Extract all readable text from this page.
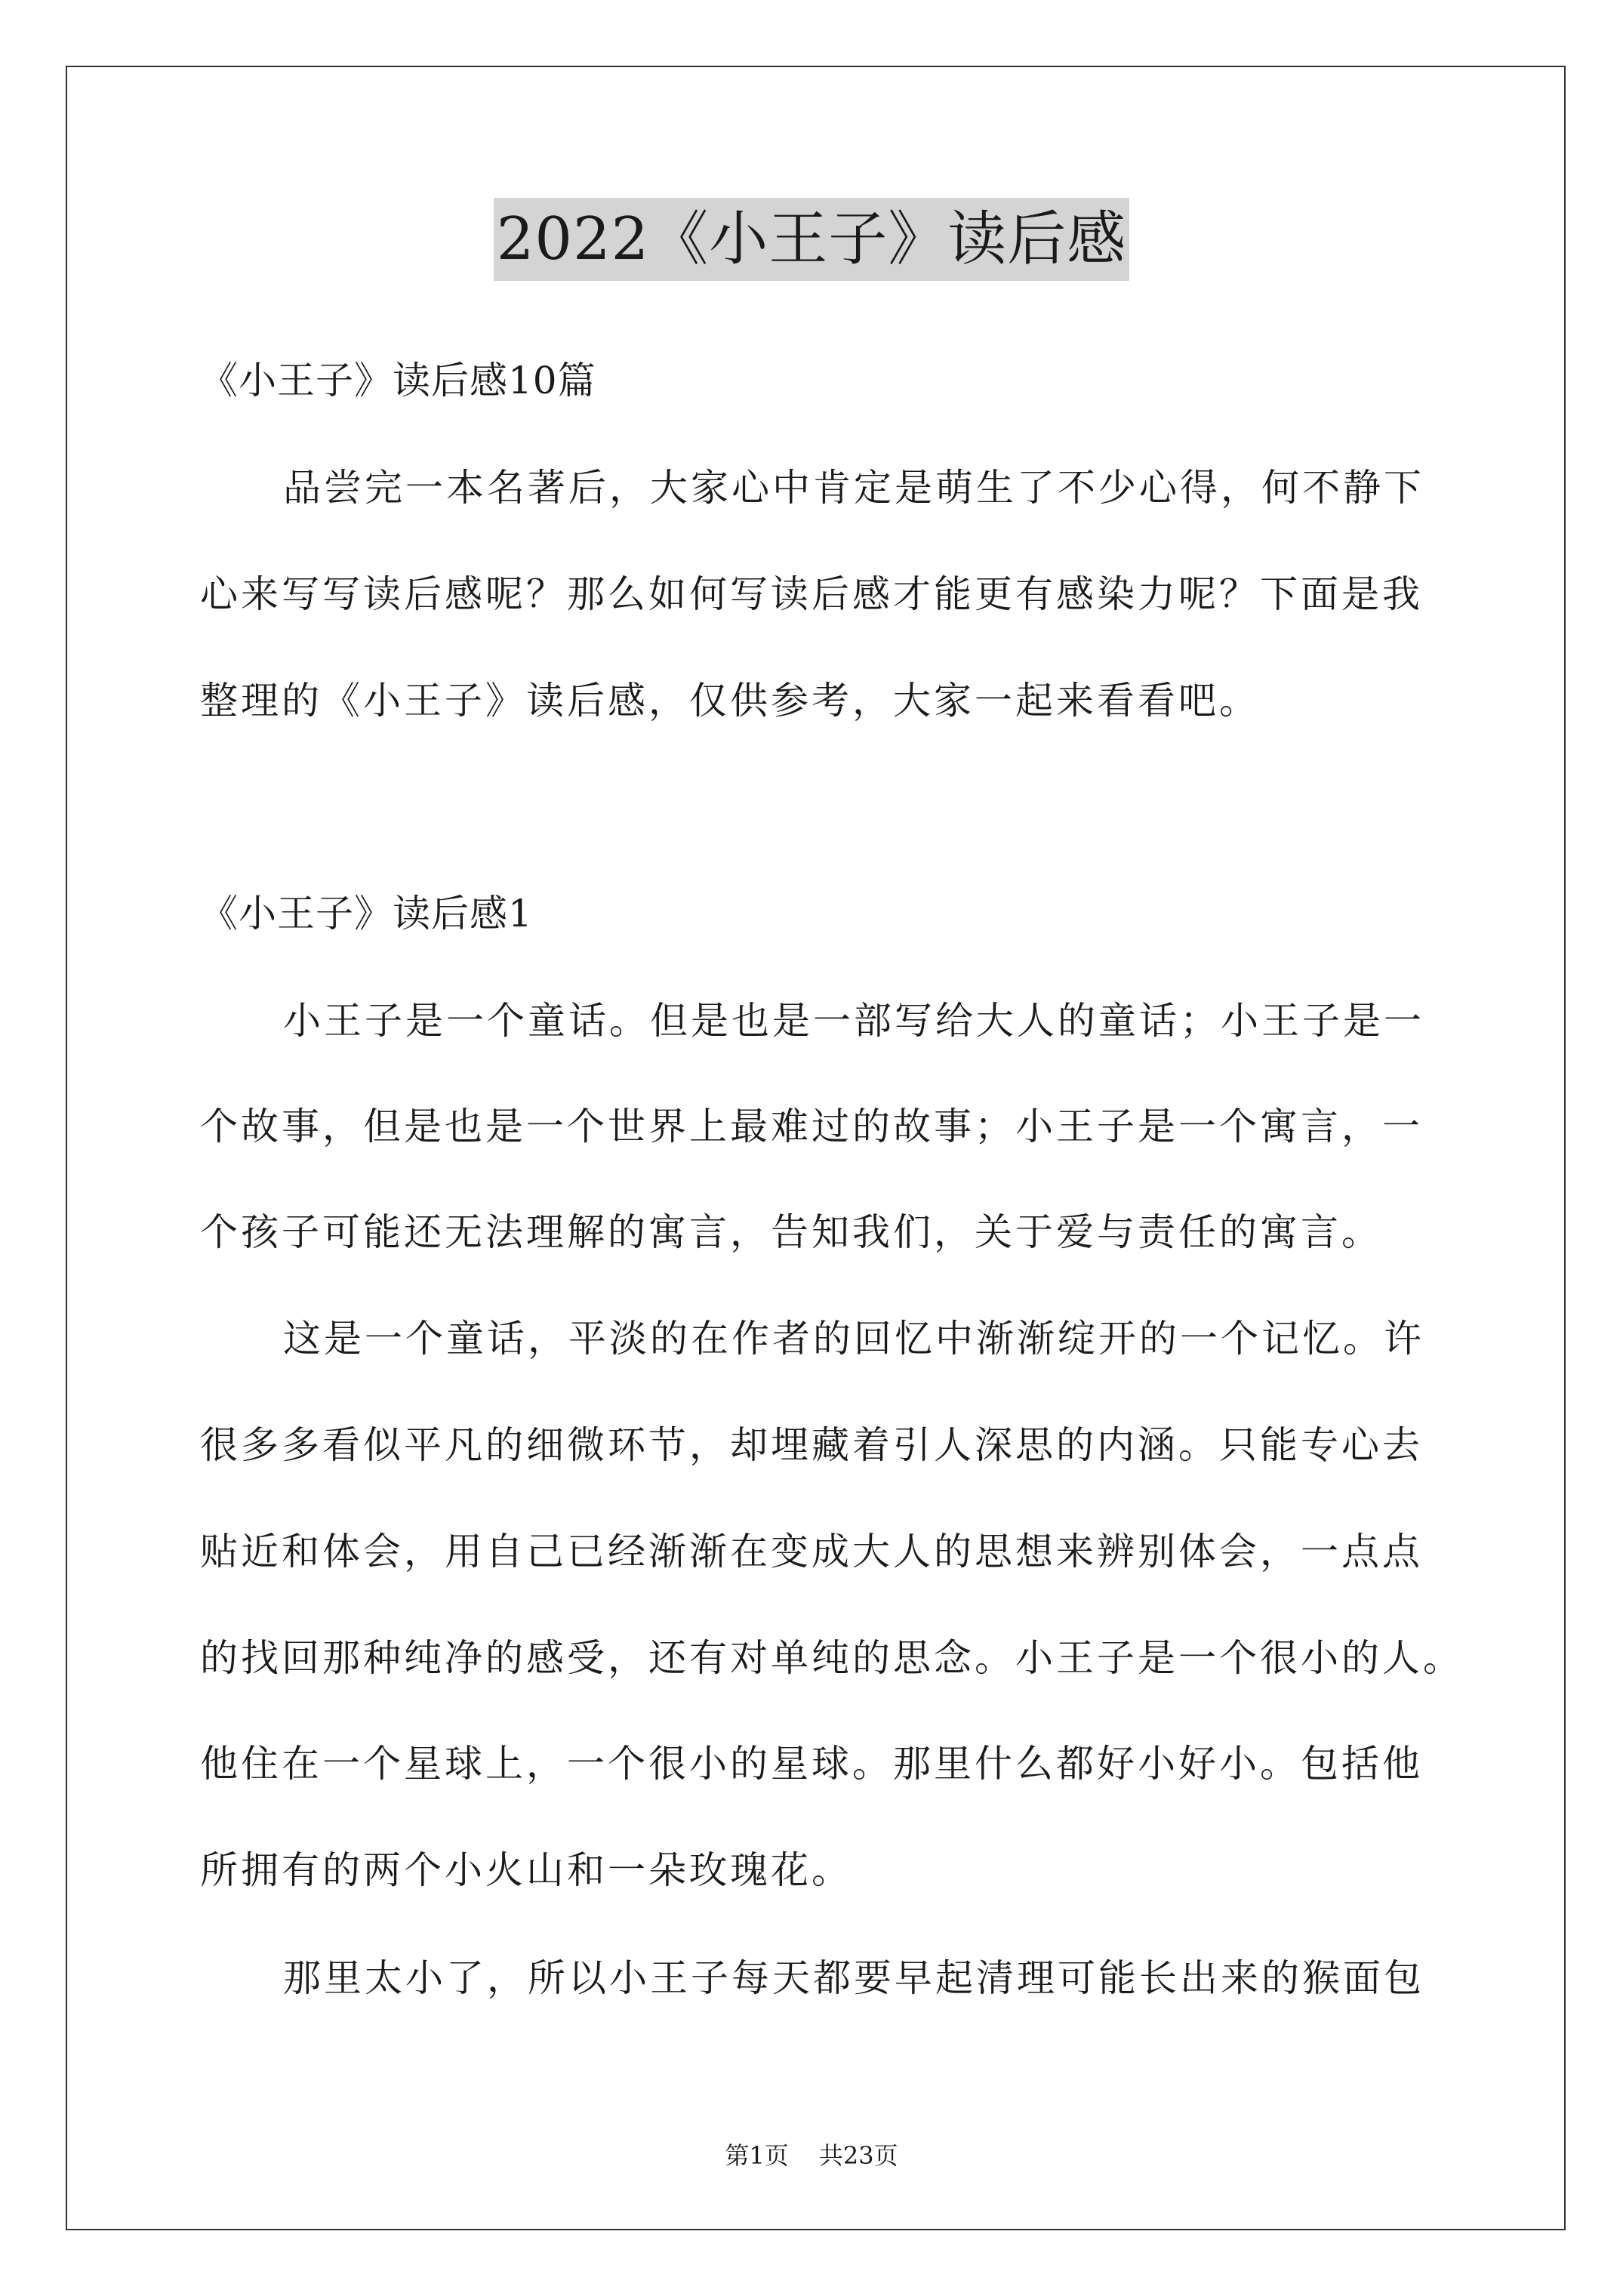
2022《小王子》读后感
《小王子》读后感10篇
品尝完一本名著后，大家心中肯定是萌生了不少心得，何不静下
心来写写读后感呢？那么如何写读后感才能更有感染力呢？下面是我
整理的《小王子》读后感，仅供参考，大家一起来看看吧。
《小王子》读后感1
小王子是一个童话。但是也是一部写给大人的童话；小王子是一
个故事，但是也是一个世界上最难过的故事；小王子是一个寓言，一
个孩子可能还无法理解的寓言，告知我们，关于爱与责任的寓言。
这是一个童话，平淡的在作者的回忆中渐渐绽开的一个记忆。许
很多多看似平凡的细微环节，却埋藏着引人深思的内涵。只能专心去
贴近和体会，用自己已经渐渐在变成大人的思想来辨别体会，一点点
的找回那种纯净的感受，还有对单纯的思念。小王子是一个很小的人。
他住在一个星球上，一个很小的星球。那里什么都好小好小。包括他
所拥有的两个小火山和一朵玫瑰花。
那里太小了，所以小王子每天都要早起清理可能长出来的猴面包
第1页 共23页
